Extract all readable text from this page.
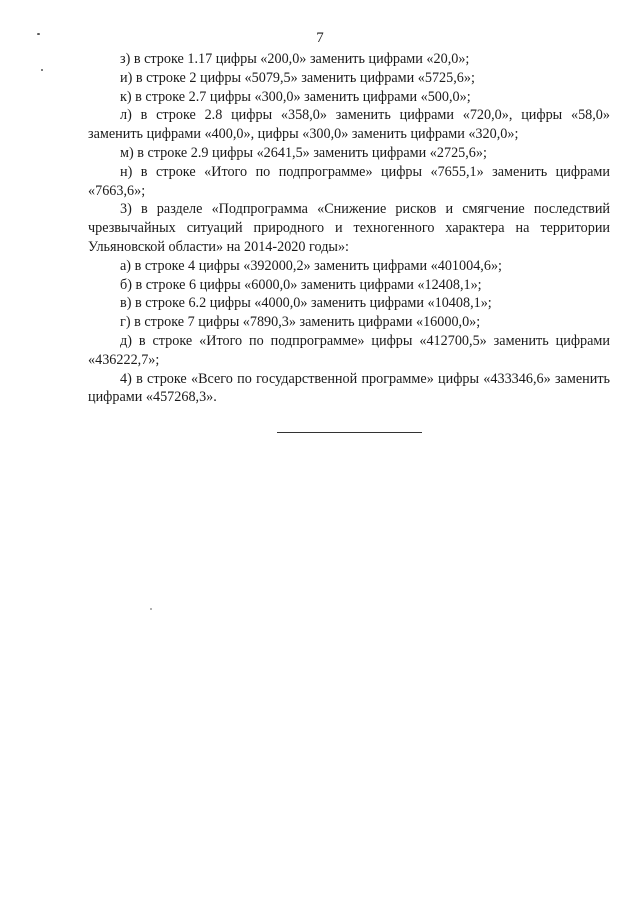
7

з) в строке 1.17 цифры «200,0» заменить цифрами «20,0»;

и) в строке 2 цифры «5079,5» заменить цифрами «5725,6»;

к) в строке 2.7 цифры «300,0» заменить цифрами «500,0»;

л) в строке 2.8 цифры «358,0» заменить цифрами «720,0», цифры «58,0» заменить цифрами «400,0», цифры «300,0» заменить цифрами «320,0»;

м) в строке 2.9 цифры «2641,5» заменить цифрами «2725,6»;

н) в строке «Итого по подпрограмме» цифры «7655,1» заменить цифрами «7663,6»;

3) в разделе «Подпрограмма «Снижение рисков и смягчение последствий чрезвычайных ситуаций природного и техногенного характера на территории Ульяновской области» на 2014-2020 годы»:

а) в строке 4 цифры «392000,2» заменить цифрами «401004,6»;

б) в строке 6 цифры «6000,0» заменить цифрами «12408,1»;

в) в строке 6.2 цифры «4000,0» заменить цифрами «10408,1»;

г) в строке 7 цифры «7890,3» заменить цифрами «16000,0»;

д) в строке «Итого по подпрограмме» цифры «412700,5» заменить цифрами «436222,7»;

4) в строке «Всего по государственной программе» цифры «433346,6» заменить цифрами «457268,3».
